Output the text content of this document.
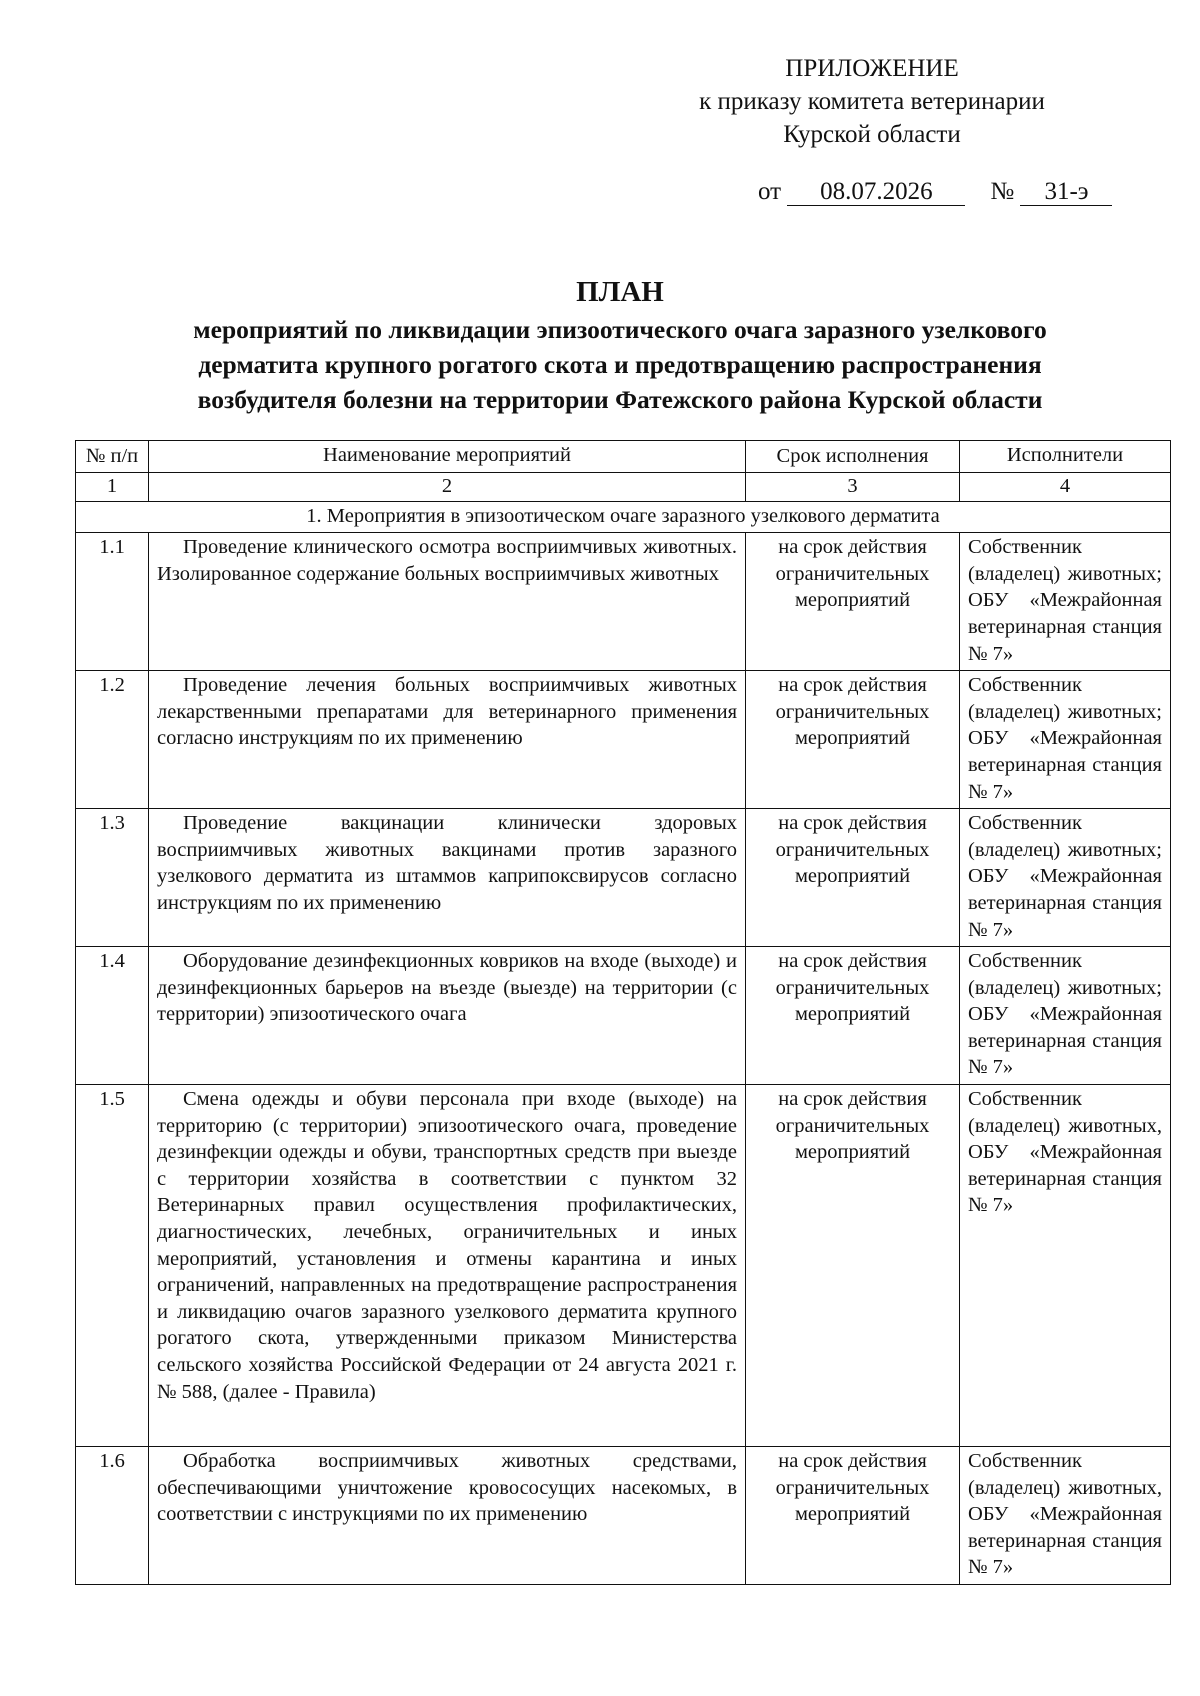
ПРИЛОЖЕНИЕ
к приказу комитета ветеринарии
Курской области
от 08.07.2026 № 31-э
ПЛАН
мероприятий по ликвидации эпизоотического очага заразного узелкового
дерматита крупного рогатого скота и предотвращению распространения
возбудителя болезни на территории Фатежского района Курской области
№ п/п	Наименование мероприятий	Срок исполнения	Исполнители
1	2	3	4
1. Мероприятия в эпизоотическом очаге заразного узелкового дерматита			
1.1	Проведение клинического осмотра восприимчивых животных. Изолированное содержание больных восприимчивых животных	на срок действия ограничительных мероприятий	Собственник (владелец) животных; ОБУ «Межрайонная ветеринарная станция № 7»
1.2	Проведение лечения больных восприимчивых животных лекарственными препаратами для ветеринарного применения согласно инструкциям по их применению	на срок действия ограничительных мероприятий	Собственник (владелец) животных; ОБУ «Межрайонная ветеринарная станция № 7»
1.3	Проведение вакцинации клинически здоровых восприимчивых животных вакцинами против заразного узелкового дерматита из штаммов каприпоксвирусов согласно инструкциям по их применению	на срок действия ограничительных мероприятий	Собственник (владелец) животных; ОБУ «Межрайонная ветеринарная станция № 7»
1.4	Оборудование дезинфекционных ковриков на входе (выходе) и дезинфекционных барьеров на въезде (выезде) на территории (с территории) эпизоотического очага	на срок действия ограничительных мероприятий	Собственник (владелец) животных; ОБУ «Межрайонная ветеринарная станция № 7»
1.5	Смена одежды и обуви персонала при входе (выходе) на территорию (с территории) эпизоотического очага, проведение дезинфекции одежды и обуви, транспортных средств при выезде с территории хозяйства в соответствии с пунктом 32 Ветеринарных правил осуществления профилактических, диагностических, лечебных, ограничительных и иных мероприятий, установления и отмены карантина и иных ограничений, направленных на предотвращение распространения и ликвидацию очагов заразного узелкового дерматита крупного рогатого скота, утвержденными приказом Министерства сельского хозяйства Российской Федерации от 24 августа 2021 г. № 588, (далее - Правила)	на срок действия ограничительных мероприятий	Собственник (владелец) животных, ОБУ «Межрайонная ветеринарная станция № 7»
1.6	Обработка восприимчивых животных средствами, обеспечивающими уничтожение кровососущих насекомых, в соответствии с инструкциями по их применению	на срок действия ограничительных мероприятий	Собственник (владелец) животных, ОБУ «Межрайонная ветеринарная станция № 7»
